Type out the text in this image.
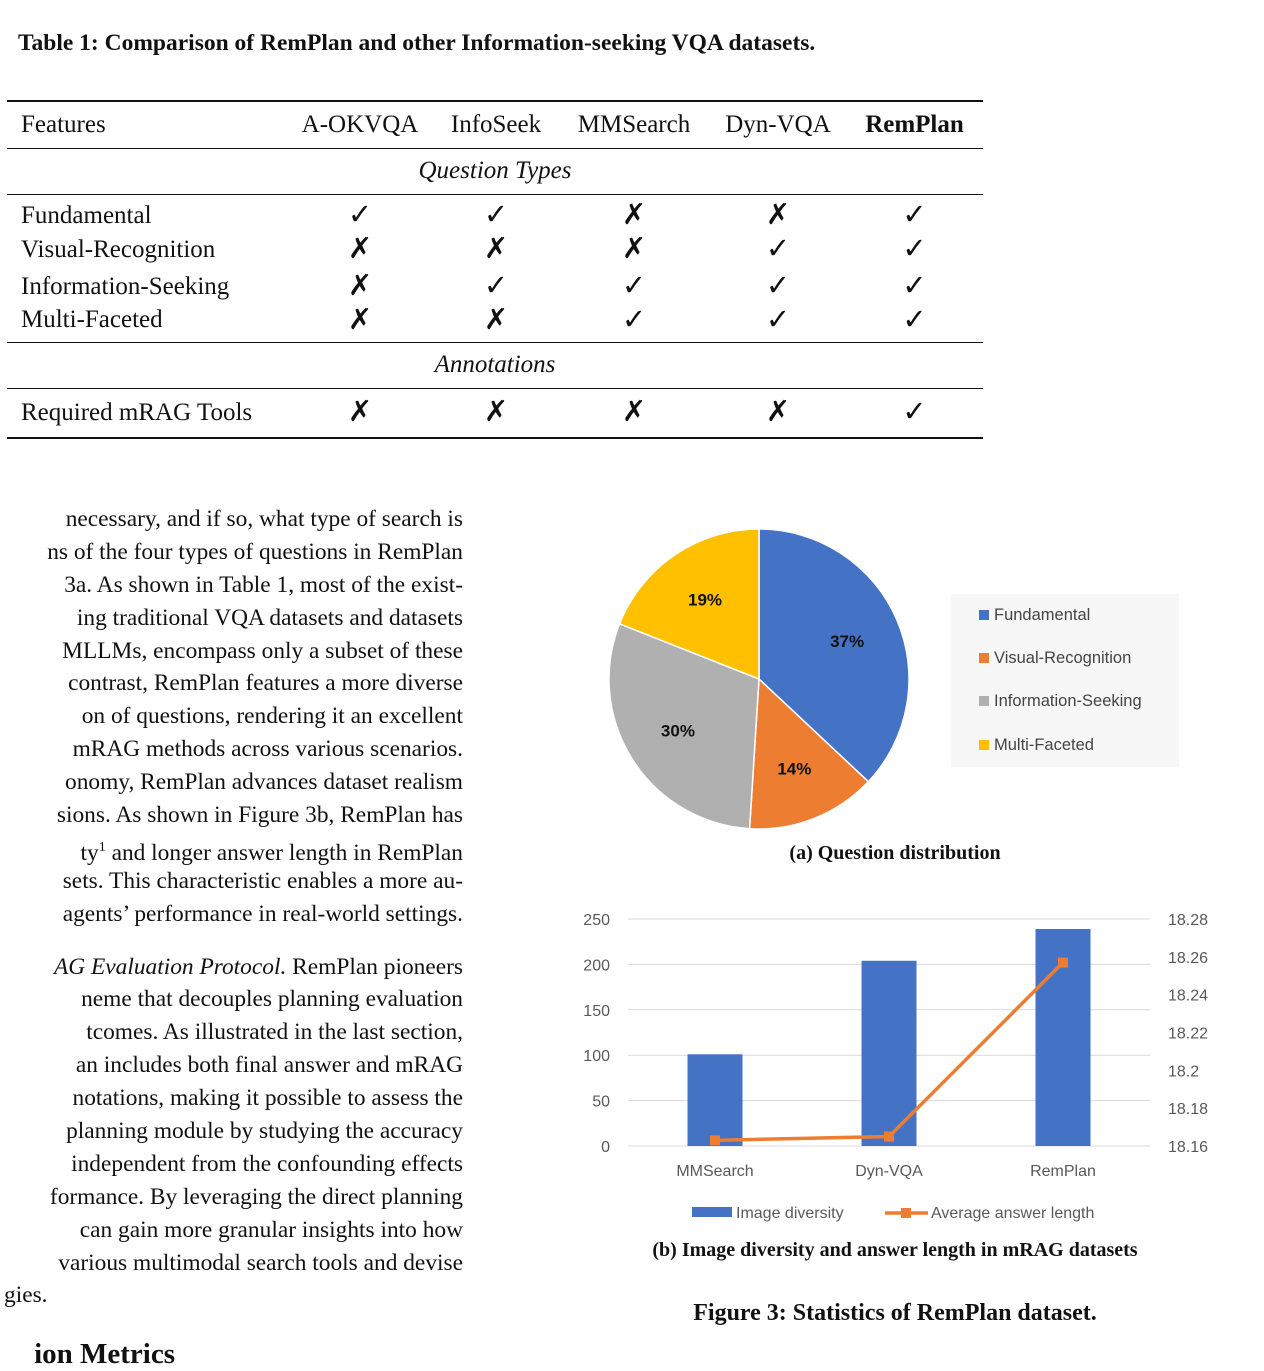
Table 1: Comparison of RemPlan and other Information-seeking VQA datasets.
Features	A-OKVQA	InfoSeek	MMSearch	Dyn-VQA	RemPlan
Question Types					
Fundamental	✓	✓	✗	✗	✓
Visual-Recognition	✗	✗	✗	✓	✓
Information-Seeking	✗	✓	✓	✓	✓
Multi-Faceted	✗	✗	✓	✓	✓
Annotations					
Required mRAG Tools	✗	✗	✗	✗	✓
necessary, and if so, what type of search is
ns of the four types of questions in RemPlan
3a. As shown in Table 1, most of the exist-
ing traditional VQA datasets and datasets
MLLMs, encompass only a subset of these
contrast, RemPlan features a more diverse
on of questions, rendering it an excellent
mRAG methods across various scenarios.
onomy, RemPlan advances dataset realism
sions. As shown in Figure 3b, RemPlan has
$ty^1$ and longer answer length in RemPlan
sets. This characteristic enables a more au-
agents’ performance in real-world settings.
AG Evaluation Protocol. RemPlan pioneers
neme that decouples planning evaluation
tcomes. As illustrated in the last section,
an includes both final answer and mRAG
notations, making it possible to assess the
planning module by studying the accuracy
independent from the confounding effects
formance. By leveraging the direct planning
can gain more granular insights into how
various multimodal search tools and devise
gies.
ion Metrics
37%
14%
30%
19%
Fundamental
Visual-Recognition
Information-Seeking
Multi-Faceted
(a) Question distribution
0
50
100
150
200
250
18.16
18.18
18.2
18.22
18.24
18.26
18.28
MMSearch	Dyn-VQA	RemPlan
Image diversity	Average answer length
(b) Image diversity and answer length in mRAG datasets
Figure 3: Statistics of RemPlan dataset.
